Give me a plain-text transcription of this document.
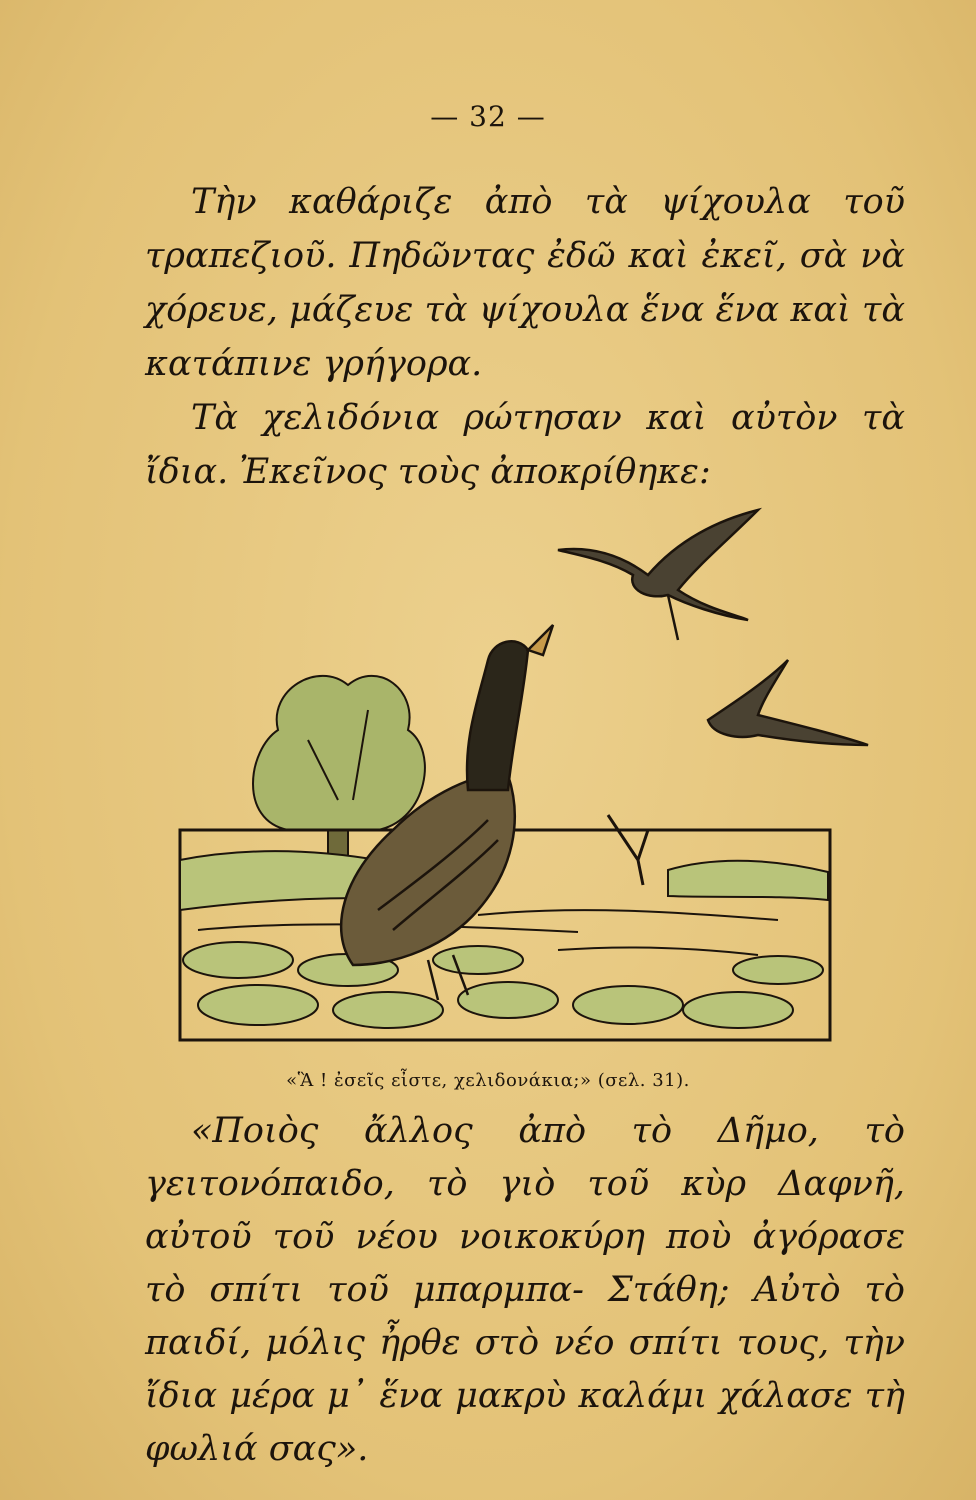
— 32 —
Τὴν καθάριζε ἀπὸ τὰ ψίχουλα τοῦ τραπεζιοῦ. Πηδῶντας ἐδῶ καὶ ἐκεῖ, σὰ νὰ χόρευε, μάζευε τὰ ψίχουλα ἕνα ἕνα καὶ τὰ κατάπινε γρήγορα.
Τὰ χελιδόνια ρώτησαν καὶ αὐτὸν τὰ ἴδια. Ἐκεῖνος τοὺς ἀποκρίθηκε:
«Ἃ ! ἐσεῖς εἶστε, χελιδονάκια;» (σελ. 31).
«Ποιὸς ἄλλος ἀπὸ τὸ Δῆμο, τὸ γειτονόπαιδο, τὸ γιὸ τοῦ κὺρ Δαφνῆ, αὐτοῦ τοῦ νέου νοικοκύρη ποὺ ἀγόρασε τὸ σπίτι τοῦ μπαρμπα- Στάθη; Αὐτὸ τὸ παιδί, μόλις ἦρθε στὸ νέο σπίτι τους, τὴν ἴδια μέρα μ᾽ ἕνα μακρὺ καλάμι χάλασε τὴ φωλιά σας».
